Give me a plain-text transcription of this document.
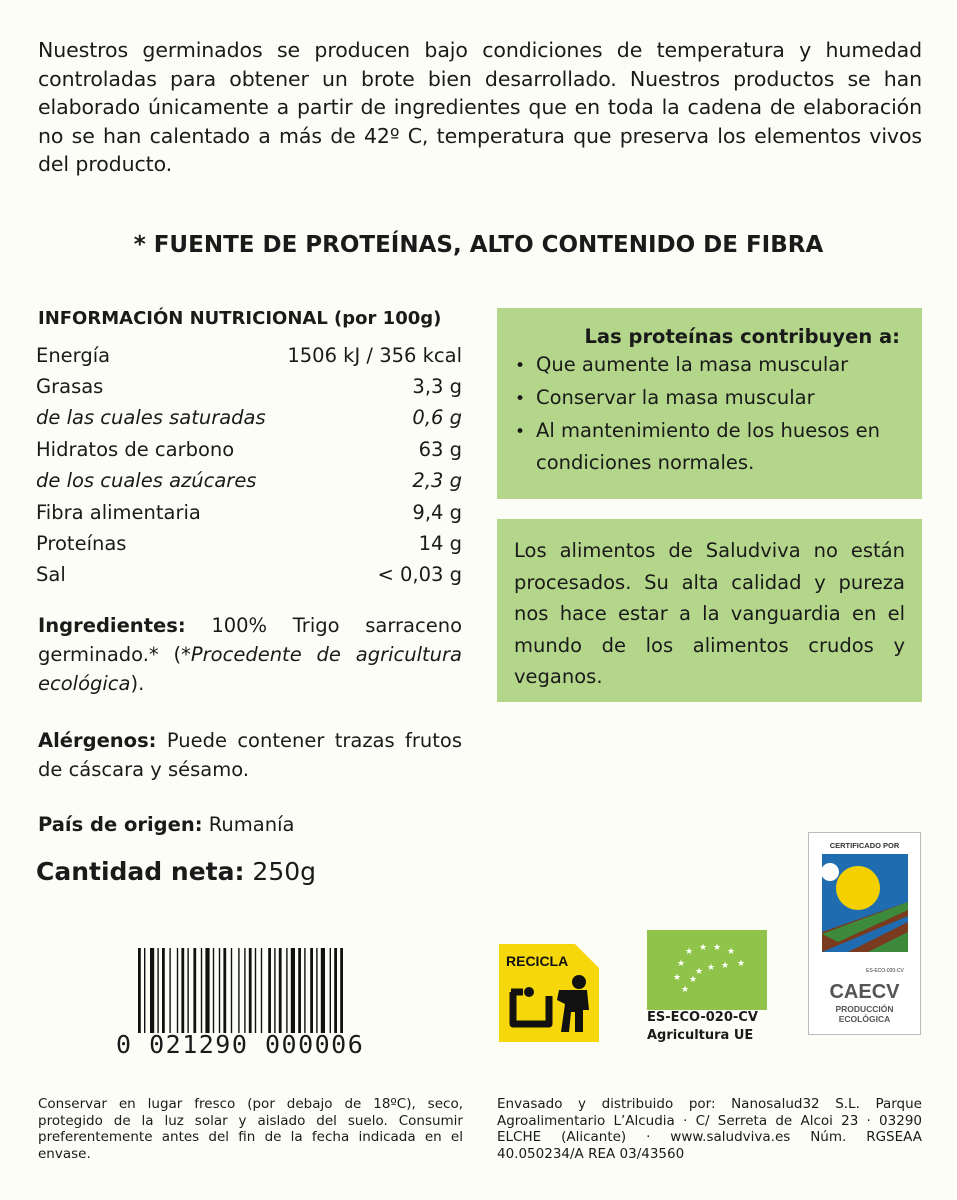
Nuestros germinados se producen bajo condiciones de temperatura y humedad controladas para obtener un brote bien desarrollado. Nuestros productos se han elaborado únicamente a partir de ingredientes que en toda la cadena de elaboración no se han calentado a más de 42º C, temperatura que preserva los elementos vivos del producto.
* FUENTE DE PROTEÍNAS, ALTO CONTENIDO DE FIBRA
INFORMACIÓN NUTRICIONAL (por 100g)
Energía	1506 kJ / 356 kcal
Grasas	3,3 g
de las cuales saturadas	0,6 g
Hidratos de carbono	63 g
de los cuales azúcares	2,3 g
Fibra alimentaria	9,4 g
Proteínas	14 g
Sal	< 0,03 g
Las proteínas contribuyen a:
•
Que aumente la masa muscular
•
Conservar la masa muscular
•
Al mantenimiento de los huesos en condiciones normales.
Los alimentos de Saludviva no están procesados. Su alta calidad y pureza nos hace estar a la vanguardia en el mundo de los alimentos crudos y veganos.
Ingredientes: 100% Trigo sarraceno germinado.* (*Procedente de agricultura ecológica).
Alérgenos: Puede contener trazas frutos de cáscara y sésamo.
País de origen: Rumanía
Cantidad neta: 250g
0 021290 000006
RECICLA
★ ★ ★ ★
★
★
★
★
★ ★
★
★
ES-ECO-020-CV
Agricultura UE
CERTIFICADO POR
ES-ECO-020-CV
CAECV
PRODUCCIÓN
ECOLÓGICA
Conservar en lugar fresco (por debajo de 18ºC), seco, protegido de la luz solar y aislado del suelo. Consumir preferentemente antes del fin de la fecha indicada en el envase.
Envasado y distribuido por: Nanosalud32 S.L. Parque Agroalimentario L’Alcudia · C/ Serreta de Alcoi 23 · 03290 ELCHE (Alicante) · www.saludviva.es Núm. RGSEAA 40.050234/A REA 03/43560
